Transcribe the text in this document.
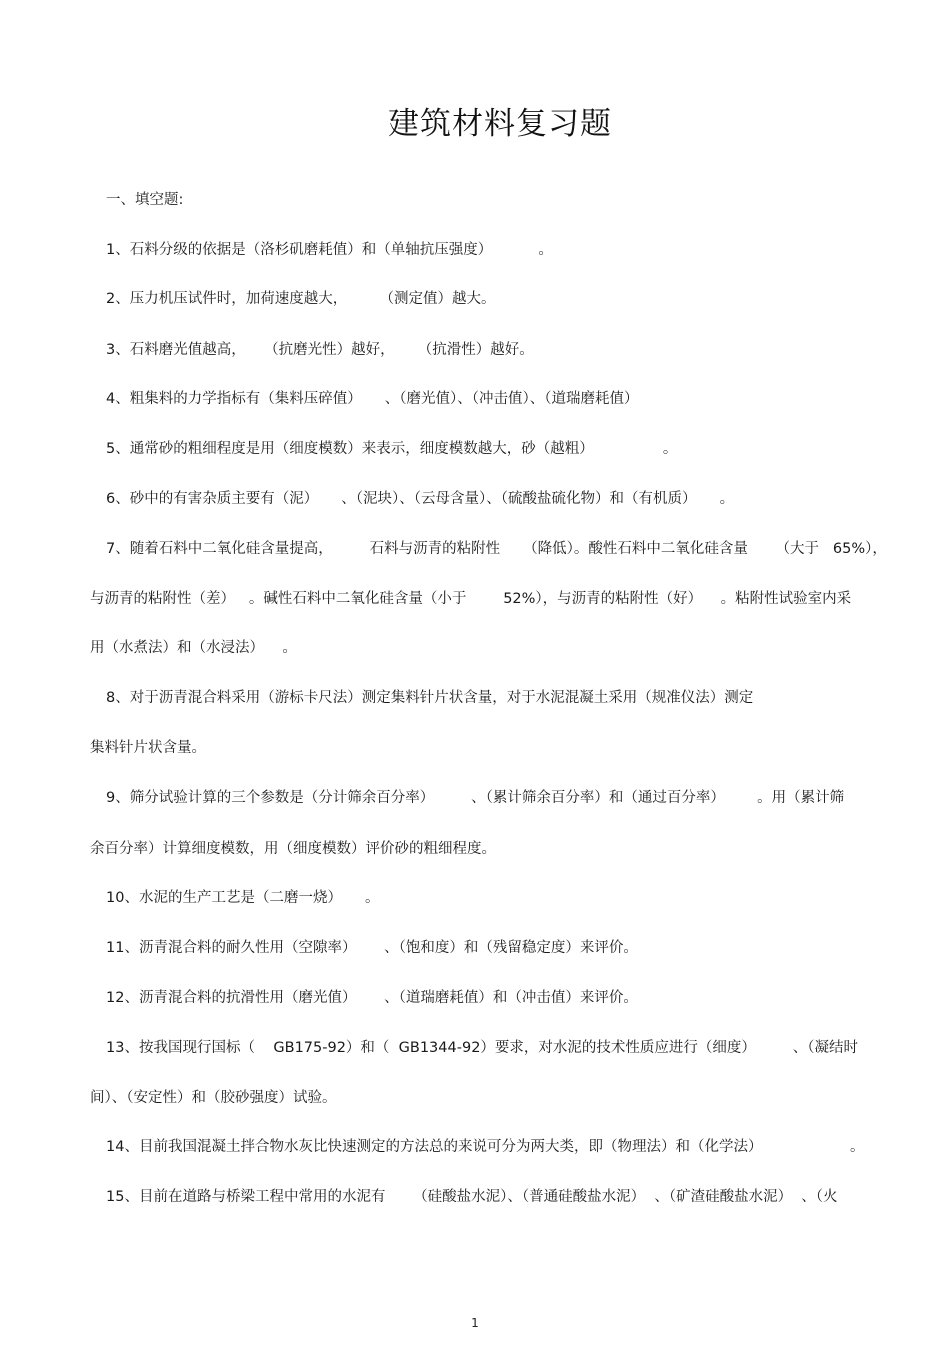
建筑材料复习题
一、填空题:
1、石料分级的依据是（洛杉矶磨耗值）和（单轴抗压强度）          。
2、压力机压试件时，加荷速度越大，       （测定值）越大。
3、石料磨光值越高，    （抗磨光性）越好，     （抗滑性）越好。
4、粗集料的力学指标有（集料压碎值）     、（磨光值）、（冲击值）、（道瑞磨耗值）
5、通常砂的粗细程度是用（细度模数）来表示，细度模数越大，砂（越粗）               。
6、砂中的有害杂质主要有（泥）     、（泥块）、（云母含量）、（硫酸盐硫化物）和（有机质）     。
7、随着石料中二氧化硅含量提高，        石料与沥青的粘附性     （降低）。酸性石料中二氧化硅含量      （大于   65%），
与沥青的粘附性（差）   。碱性石料中二氧化硅含量（小于        52%），与沥青的粘附性（好）    。粘附性试验室内采
用（水煮法）和（水浸法）    。
8、对于沥青混合料采用（游标卡尺法）测定集料针片状含量，对于水泥混凝土采用（规准仪法）测定
集料针片状含量。
9、筛分试验计算的三个参数是（分计筛余百分率）        、（累计筛余百分率）和（通过百分率）       。用（累计筛
余百分率）计算细度模数，用（细度模数）评价砂的粗细程度。
10、水泥的生产工艺是（二磨一烧）     。
11、沥青混合料的耐久性用（空隙率）      、（饱和度）和（残留稳定度）来评价。
12、沥青混合料的抗滑性用（磨光值）      、（道瑞磨耗值）和（冲击值）来评价。
13、按我国现行国标（    GB175-92）和（  GB1344-92）要求，对水泥的技术性质应进行（细度）        、（凝结时
间）、（安定性）和（胶砂强度）试验。
14、目前我国混凝土拌合物水灰比快速测定的方法总的来说可分为两大类，即（物理法）和（化学法）                   。
15、目前在道路与桥梁工程中常用的水泥有      （硅酸盐水泥）、（普通硅酸盐水泥）  、（矿渣硅酸盐水泥）  、（火
1
